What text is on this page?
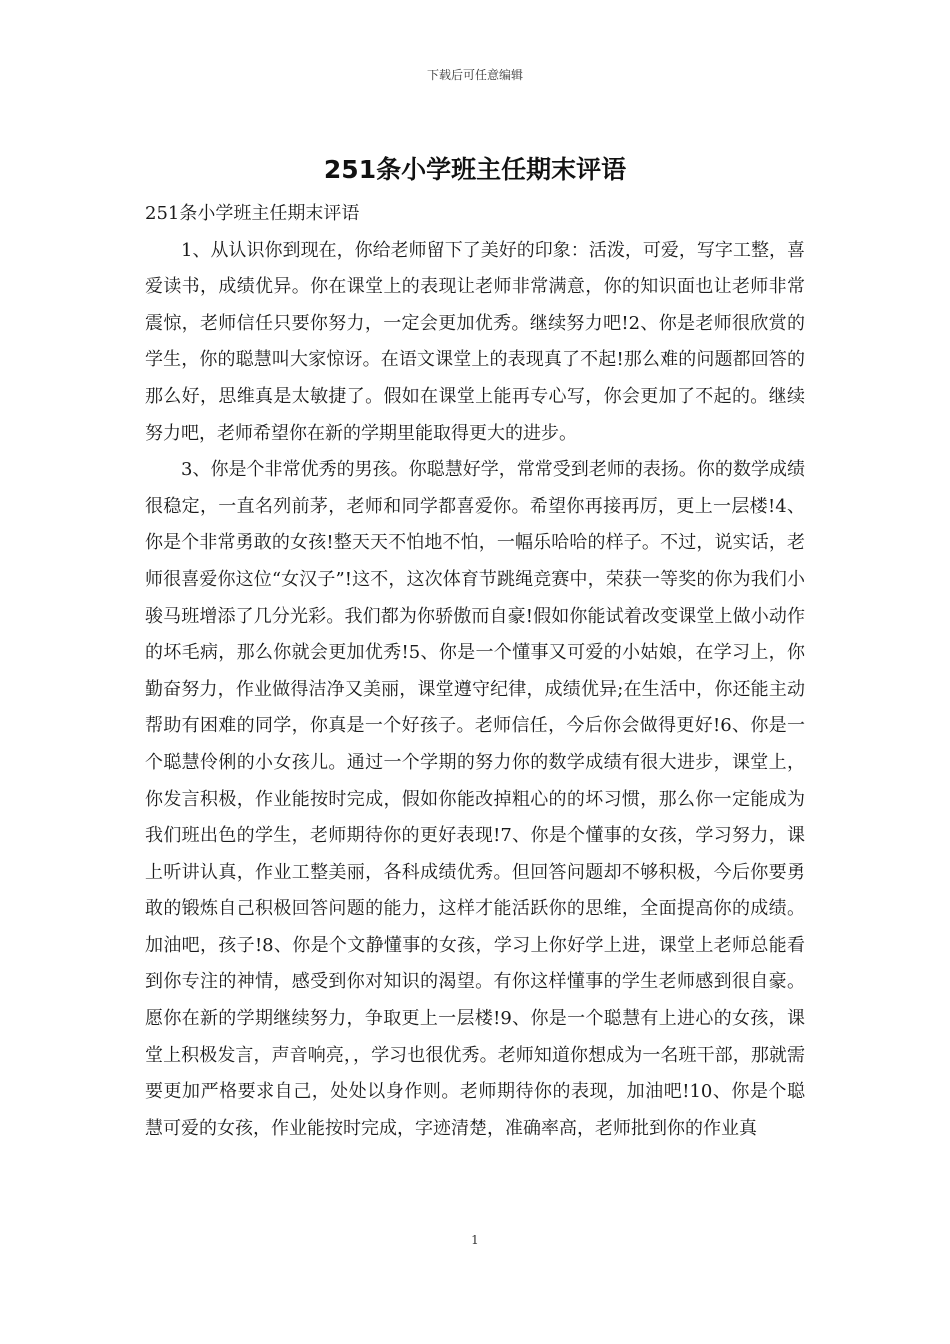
下载后可任意编辑
251条小学班主任期末评语

251条小学班主任期末评语

1、从认识你到现在，你给老师留下了美好的印象：活泼，可爱，写字工整，喜爱读书，成绩优异。你在课堂上的表现让老师非常满意，你的知识面也让老师非常震惊，老师信任只要你努力，一定会更加优秀。继续努力吧!2、你是老师很欣赏的学生，你的聪慧叫大家惊讶。在语文课堂上的表现真了不起!那么难的问题都回答的那么好，思维真是太敏捷了。假如在课堂上能再专心写，你会更加了不起的。继续努力吧，老师希望你在新的学期里能取得更大的进步。

3、你是个非常优秀的男孩。你聪慧好学，常常受到老师的表扬。你的数学成绩很稳定，一直名列前茅，老师和同学都喜爱你。希望你再接再厉，更上一层楼!4、你是个非常勇敢的女孩!整天天不怕地不怕，一幅乐哈哈的样子。不过，说实话，老师很喜爱你这位“女汉子”!这不，这次体育节跳绳竞赛中，荣获一等奖的你为我们小骏马班增添了几分光彩。我们都为你骄傲而自豪!假如你能试着改变课堂上做小动作的坏毛病，那么你就会更加优秀!5、你是一个懂事又可爱的小姑娘，在学习上，你勤奋努力，作业做得洁净又美丽，课堂遵守纪律，成绩优异;在生活中，你还能主动帮助有困难的同学，你真是一个好孩子。老师信任，今后你会做得更好!6、你是一个聪慧伶俐的小女孩儿。通过一个学期的努力你的数学成绩有很大进步，课堂上，你发言积极，作业能按时完成，假如你能改掉粗心的的坏习惯，那么你一定能成为我们班出色的学生，老师期待你的更好表现!7、你是个懂事的女孩，学习努力，课上听讲认真，作业工整美丽，各科成绩优秀。但回答问题却不够积极，今后你要勇敢的锻炼自己积极回答问题的能力，这样才能活跃你的思维，全面提高你的成绩。加油吧，孩子!8、你是个文静懂事的女孩，学习上你好学上进，课堂上老师总能看到你专注的神情，感受到你对知识的渴望。有你这样懂事的学生老师感到很自豪。愿你在新的学期继续努力，争取更上一层楼!9、你是一个聪慧有上进心的女孩，课堂上积极发言，声音响亮，，学习也很优秀。老师知道你想成为一名班干部，那就需要更加严格要求自己，处处以身作则。老师期待你的表现，加油吧!10、你是个聪慧可爱的女孩，作业能按时完成，字迹清楚，准确率高，老师批到你的作业真

1
